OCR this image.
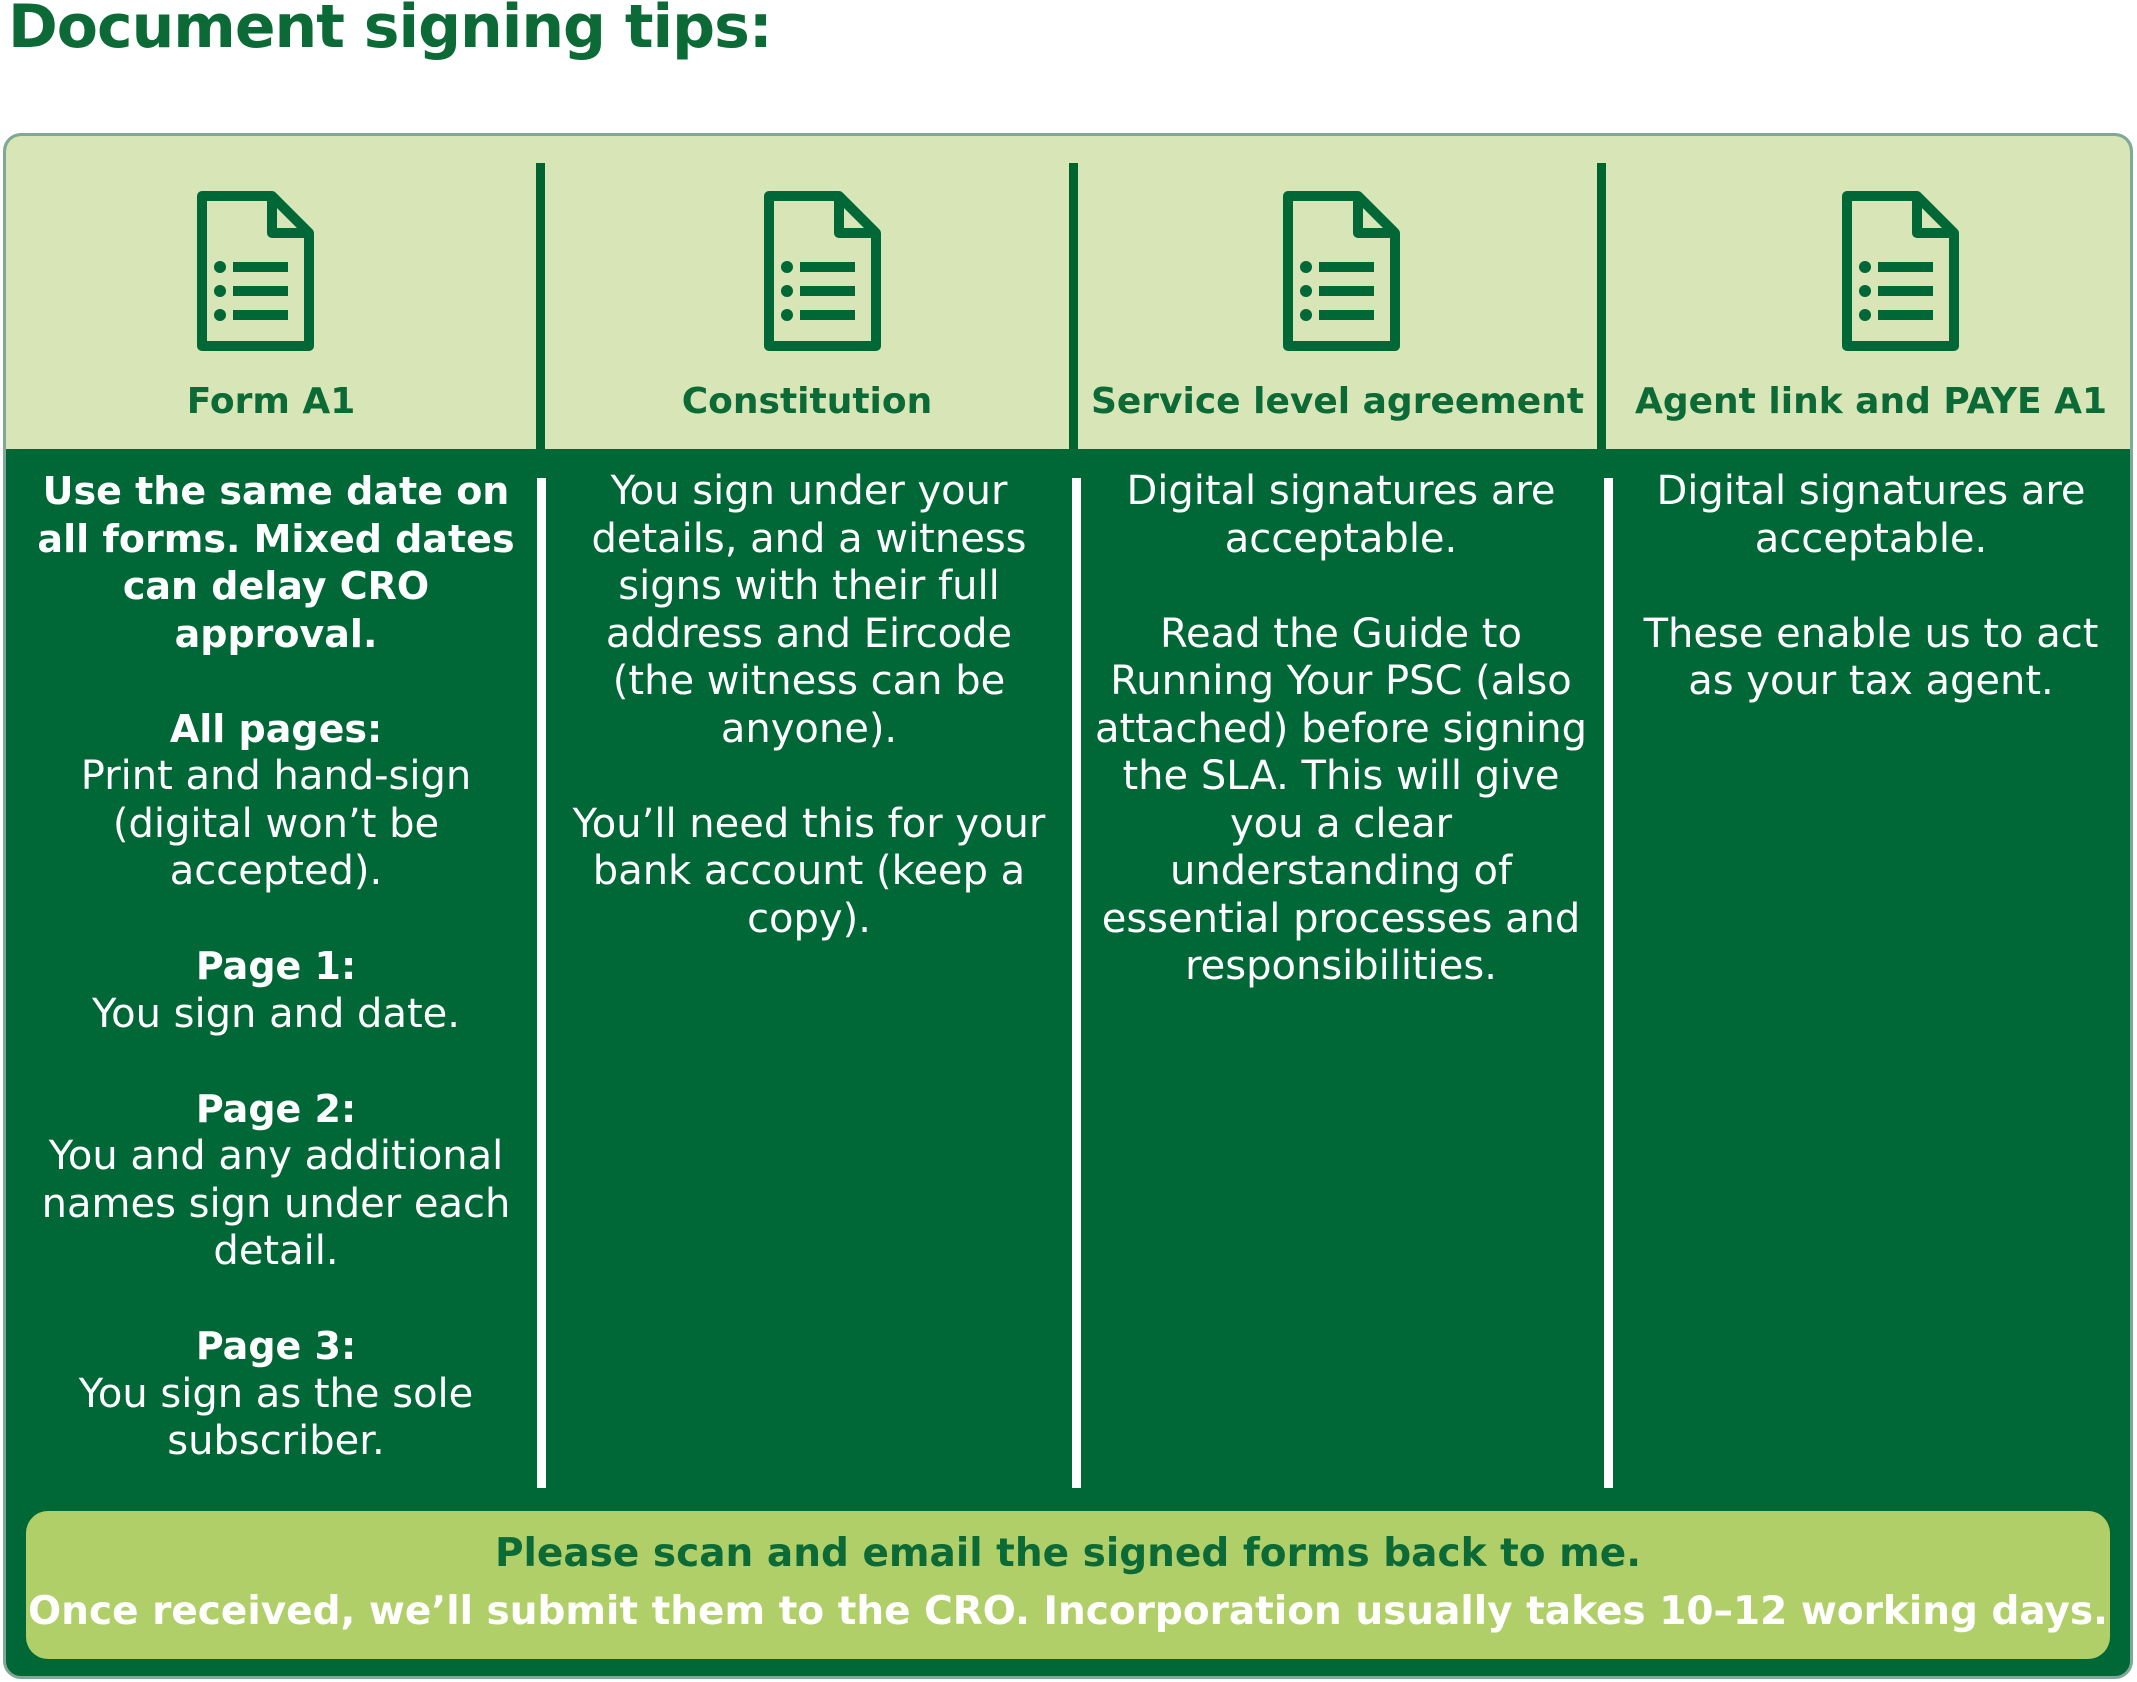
Document signing tips:
Form A1

Use the same date on all forms. Mixed dates can delay CRO approval.

All pages:
Print and hand-sign (digital won’t be accepted).

Page 1:
You sign and date.

Page 2:
You and any additional names sign under each detail.

Page 3:
You sign as the sole subscriber.

Constitution

You sign under your details, and a witness signs with their full address and Eircode (the witness can be anyone).

You’ll need this for your bank account (keep a copy).

Service level agreement

Digital signatures are acceptable.

Read the Guide to Running Your PSC (also attached) before signing the SLA. This will give you a clear understanding of essential processes and responsibilities.

Agent link and PAYE A1

Digital signatures are acceptable.

These enable us to act as your tax agent.

Please scan and email the signed forms back to me.
Once received, we’ll submit them to the CRO. Incorporation usually takes 10–12 working days.
